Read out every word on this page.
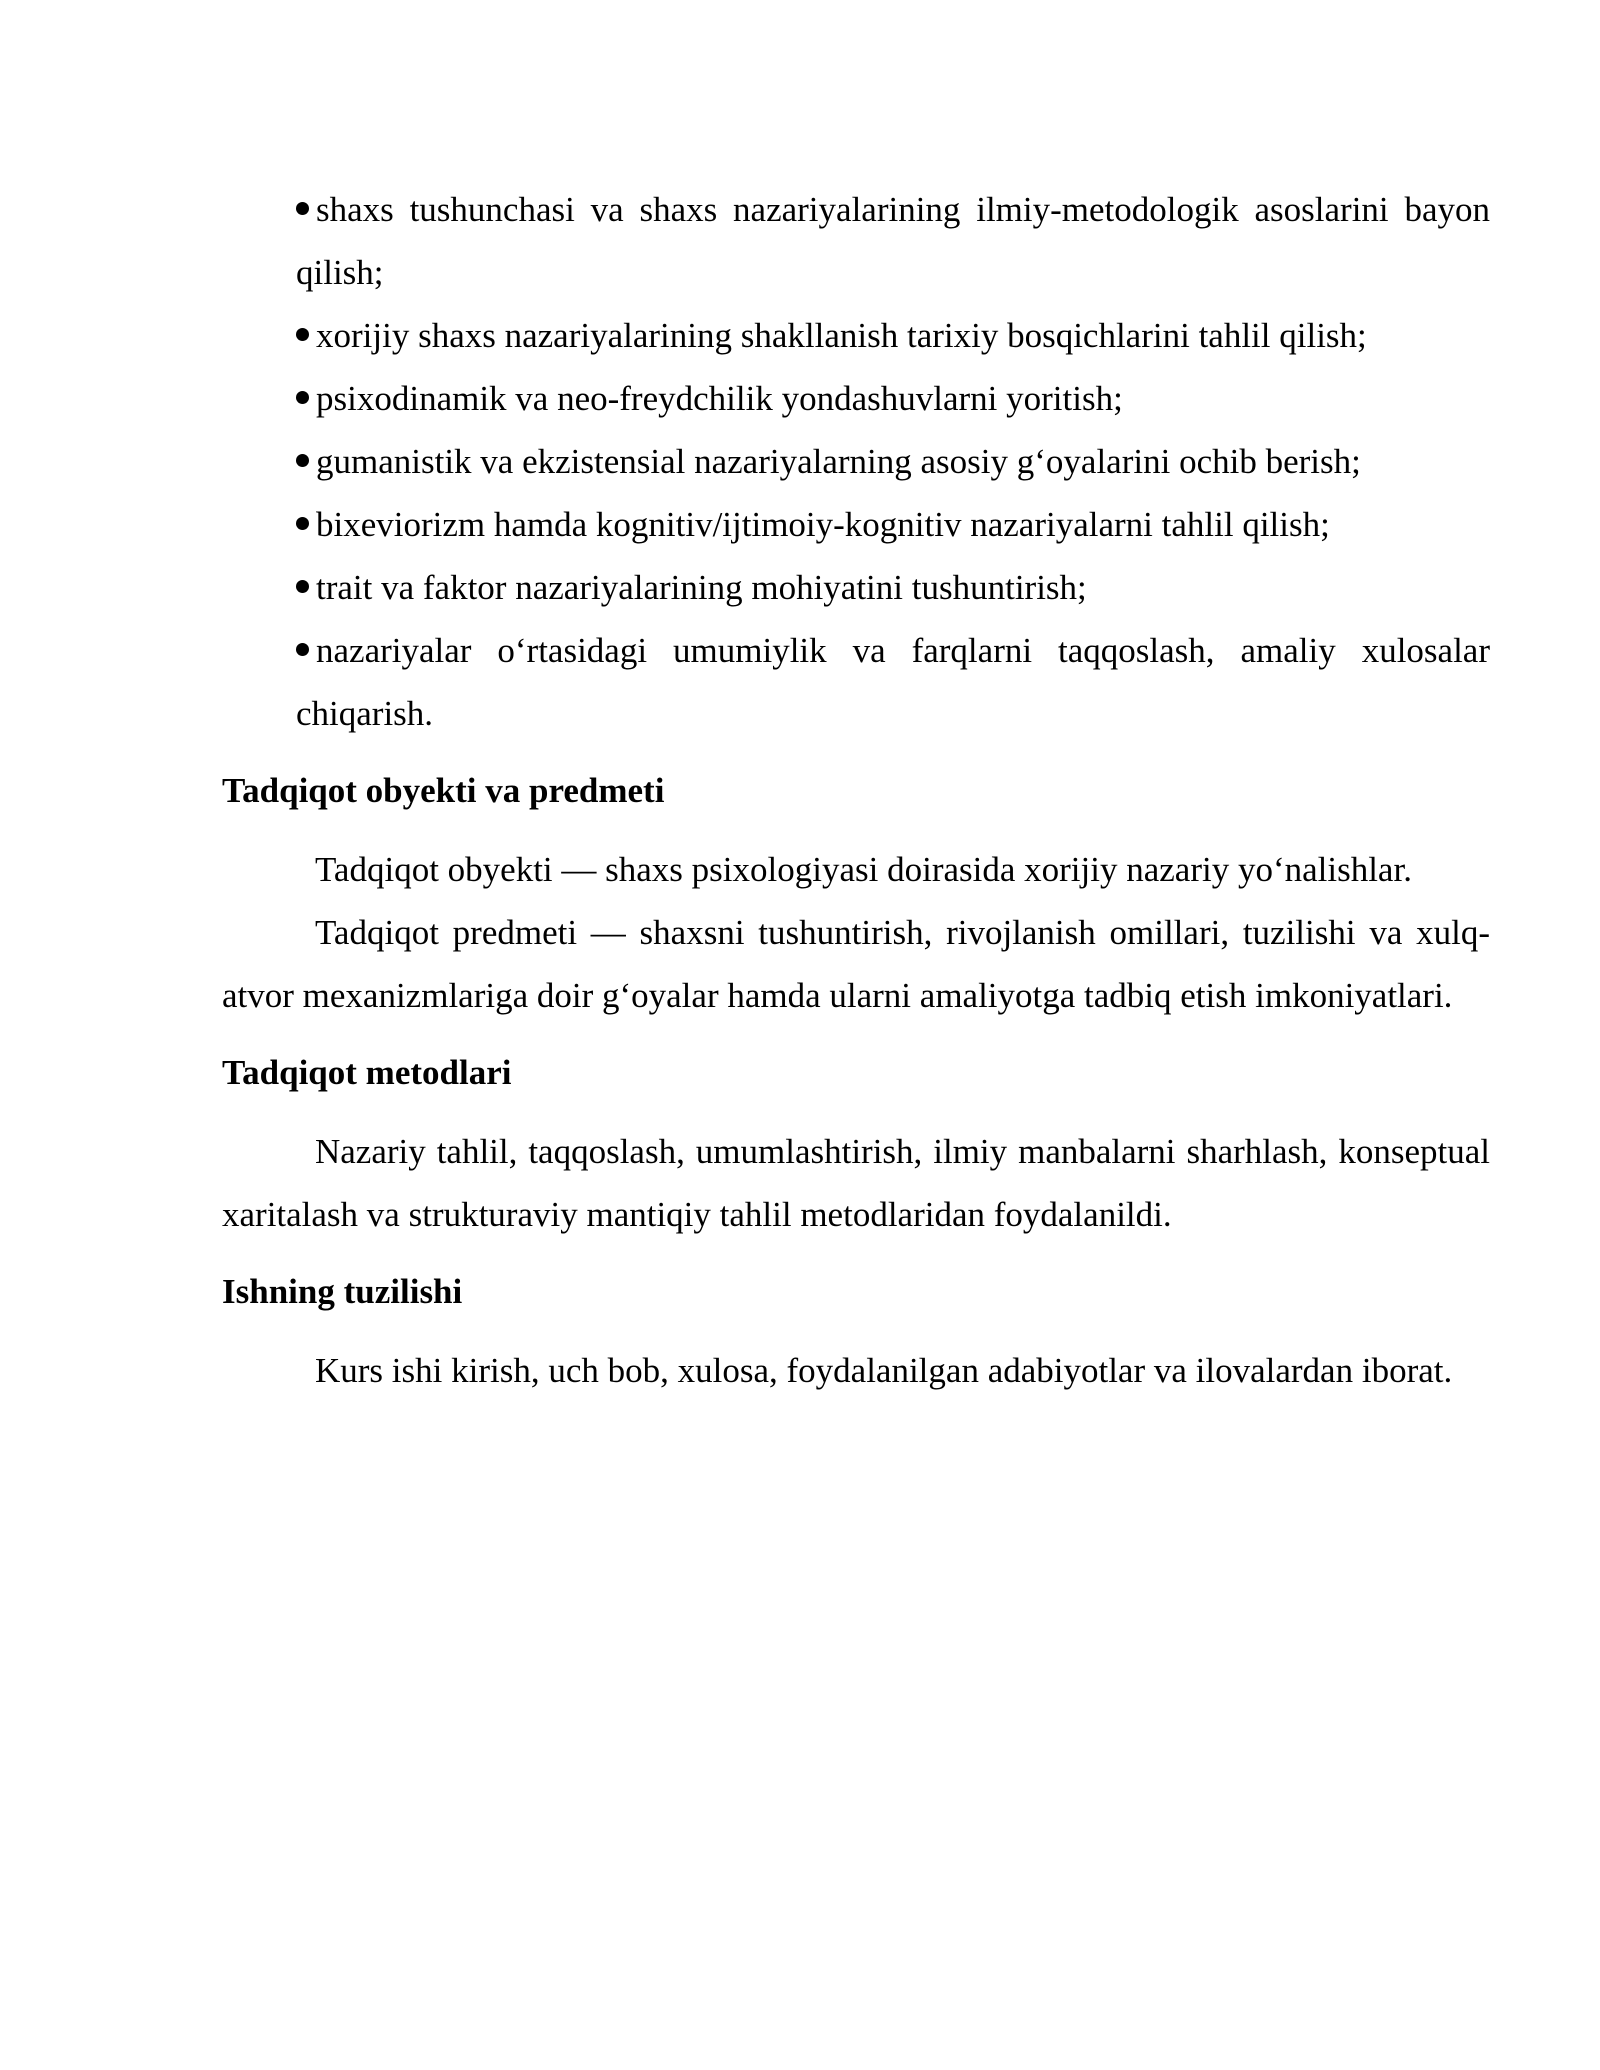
shaxs tushunchasi va shaxs nazariyalarining ilmiy-metodologik asoslarini bayon qilish;
xorijiy shaxs nazariyalarining shakllanish tarixiy bosqichlarini tahlil qilish;
psixodinamik va neo-freydchilik yondashuvlarni yoritish;
gumanistik va ekzistensial nazariyalarning asosiy g‘oyalarini ochib berish;
bixeviorizm hamda kognitiv/ijtimoiy-kognitiv nazariyalarni tahlil qilish;
trait va faktor nazariyalarining mohiyatini tushuntirish;
nazariyalar o‘rtasidagi umumiylik va farqlarni taqqoslash, amaliy xulosalar chiqarish.
Tadqiqot obyekti va predmeti

Tadqiqot obyekti — shaxs psixologiyasi doirasida xorijiy nazariy yo‘nalishlar.

Tadqiqot predmeti — shaxsni tushuntirish, rivojlanish omillari, tuzilishi va xulq-atvor mexanizmlariga doir g‘oyalar hamda ularni amaliyotga tadbiq etish imkoniyatlari.

Tadqiqot metodlari

Nazariy tahlil, taqqoslash, umumlashtirish, ilmiy manbalarni sharhlash, konseptual xaritalash va strukturaviy mantiqiy tahlil metodlaridan foydalanildi.

Ishning tuzilishi

Kurs ishi kirish, uch bob, xulosa, foydalanilgan adabiyotlar va ilovalardan iborat.
